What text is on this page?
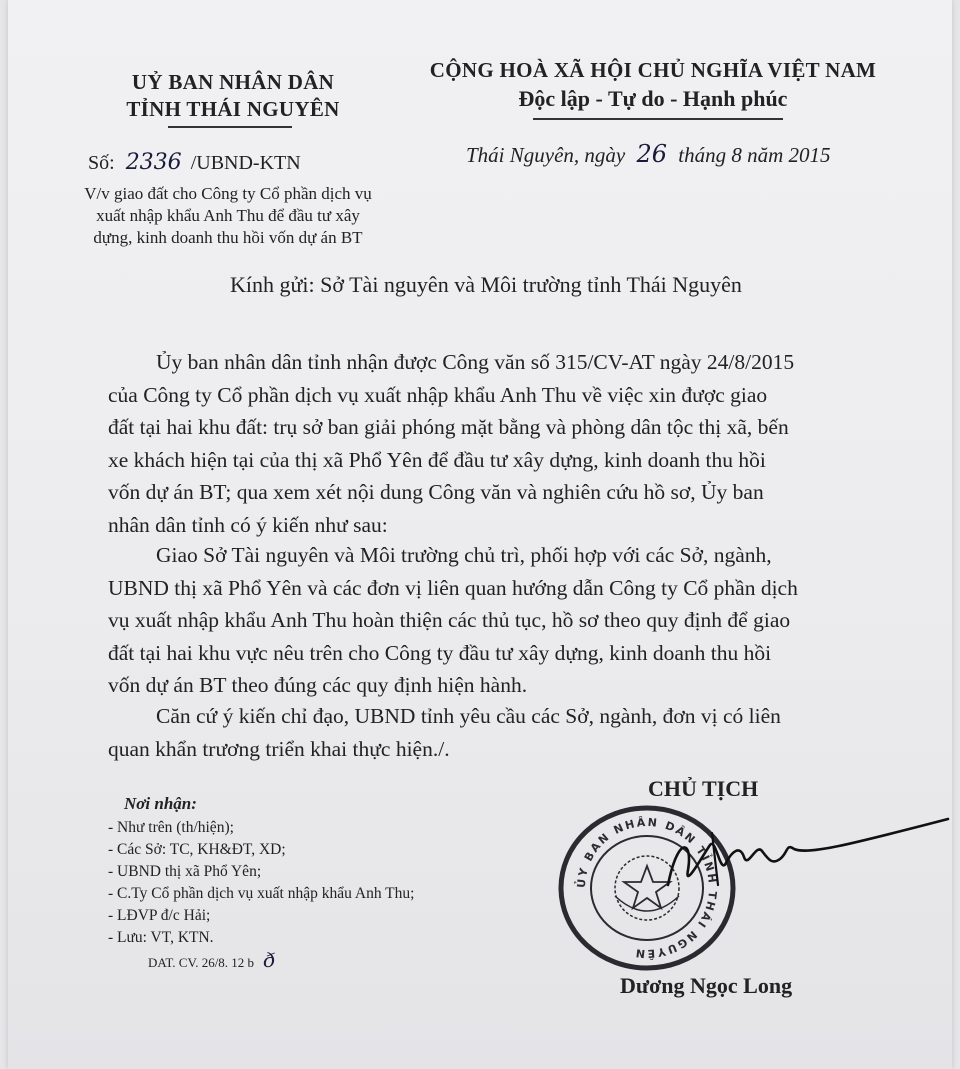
UỶ BAN NHÂN DÂN
TỈNH THÁI NGUYÊN
CỘNG HOÀ XÃ HỘI CHỦ NGHĨA VIỆT NAM
Độc lập - Tự do - Hạnh phúc
Số: 2336 /UBND-KTN
V/v giao đất cho Công ty Cổ phần dịch vụ
xuất nhập khẩu Anh Thu để đầu tư xây
dựng, kinh doanh thu hồi vốn dự án BT
Thái Nguyên, ngày 26 tháng 8 năm 2015
Kính gửi: Sở Tài nguyên và Môi trường tỉnh Thái Nguyên
Ủy ban nhân dân tỉnh nhận được Công văn số 315/CV-AT ngày 24/8/2015
của Công ty Cổ phần dịch vụ xuất nhập khẩu Anh Thu về việc xin được giao
đất tại hai khu đất: trụ sở ban giải phóng mặt bằng và phòng dân tộc thị xã, bến
xe khách hiện tại của thị xã Phổ Yên để đầu tư xây dựng, kinh doanh thu hồi
vốn dự án BT; qua xem xét nội dung Công văn và nghiên cứu hồ sơ, Ủy ban
nhân dân tỉnh có ý kiến như sau:
Giao Sở Tài nguyên và Môi trường chủ trì, phối hợp với các Sở, ngành,
UBND thị xã Phổ Yên và các đơn vị liên quan hướng dẫn Công ty Cổ phần dịch
vụ xuất nhập khẩu Anh Thu hoàn thiện các thủ tục, hồ sơ theo quy định để giao
đất tại hai khu vực nêu trên cho Công ty đầu tư xây dựng, kinh doanh thu hồi
vốn dự án BT theo đúng các quy định hiện hành.
Căn cứ ý kiến chỉ đạo, UBND tỉnh yêu cầu các Sở, ngành, đơn vị có liên
quan khẩn trương triển khai thực hiện./.
Nơi nhận:
- Như trên (th/hiện);
- Các Sở: TC, KH&ĐT, XD;
- UBND thị xã Phổ Yên;
- C.Ty Cổ phần dịch vụ xuất nhập khẩu Anh Thu;
- LĐVP đ/c Hải;
- Lưu: VT, KTN.
DAT. CV. 26/8. 12 b ð
CHỦ TỊCH
ỦY BAN NHÂN DÂN TỈNH THÁI NGUYÊN
Dương Ngọc Long
